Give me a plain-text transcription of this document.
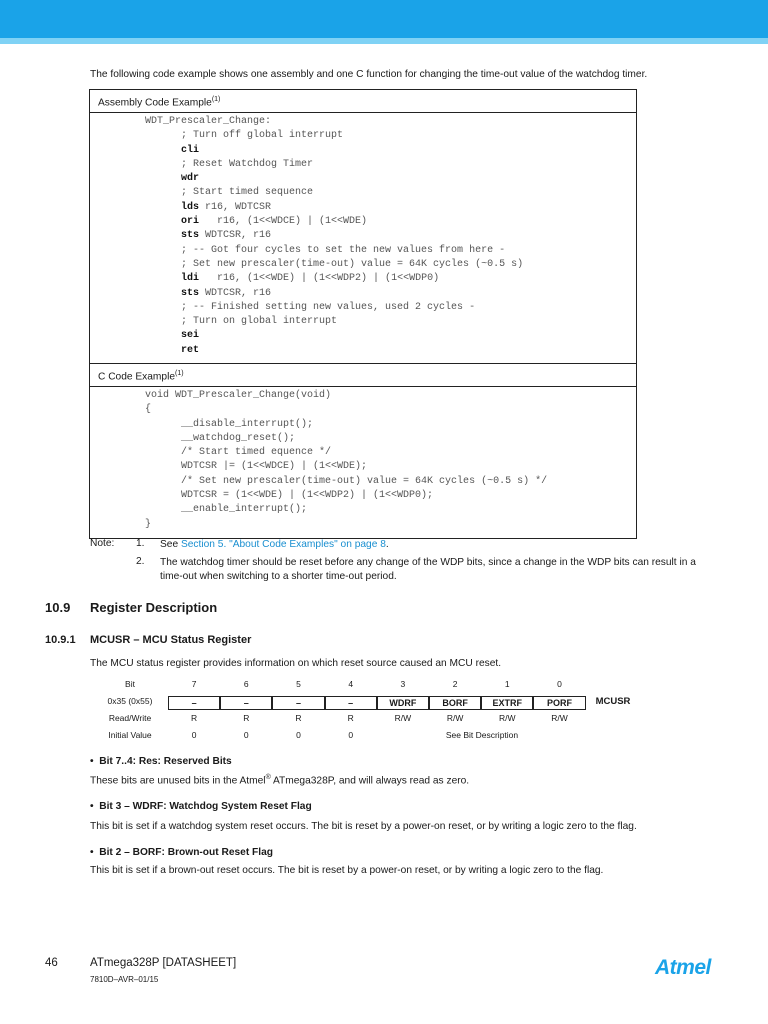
The following code example shows one assembly and one C function for changing the time-out value of the watchdog timer.
Assembly Code Example$^{(1)}$
WDT_Prescaler_Change:
; Turn off global interrupt
cli
; Reset Watchdog Timer
wdr
; Start timed sequence
lds r16, WDTCSR
ori   r16, (1<<WDCE) | (1<<WDE)
sts WDTCSR, r16
; -- Got four cycles to set the new values from here -
; Set new prescaler(time-out) value = 64K cycles (~0.5 s)
ldi   r16, (1<<WDE) | (1<<WDP2) | (1<<WDP0)
sts WDTCSR, r16
; -- Finished setting new values, used 2 cycles -
; Turn on global interrupt
sei
ret
C Code Example$^{(1)}$
void WDT_Prescaler_Change(void)
{
__disable_interrupt();
__watchdog_reset();
/* Start timed equence */
WDTCSR |= (1<<WDCE) | (1<<WDE);
/* Set new prescaler(time-out) value = 64K cycles (~0.5 s) */
WDTCSR = (1<<WDE) | (1<<WDP2) | (1<<WDP0);
__enable_interrupt();
}
Note: 1. See Section 5. "About Code Examples" on page 8.
2. The watchdog timer should be reset before any change of the WDP bits, since a change in the WDP bits can result in a time-out when switching to a shorter time-out period.
10.9 Register Description
10.9.1 MCUSR – MCU Status Register
The MCU status register provides information on which reset source caused an MCU reset.
Bit
0x35 (0x55)
Read/Write
Initial Value
7
–
R
0
6
–
R
0
5
–
R
0
4
–
R
0
3
WDRF
R/W
2
BORF
R/W
1
EXTRF
R/W
0
PORF
R/W
See Bit Description
MCUSR
•  Bit 7..4: Res: Reserved Bits
These bits are unused bits in the Atmel® ATmega328P, and will always read as zero.
•  Bit 3 – WDRF: Watchdog System Reset Flag
This bit is set if a watchdog system reset occurs. The bit is reset by a power-on reset, or by writing a logic zero to the flag.
•  Bit 2 – BORF: Brown-out Reset Flag
This bit is set if a brown-out reset occurs. The bit is reset by a power-on reset, or by writing a logic zero to the flag.
46	ATmega328P [DATASHEET]
7810D–AVR–01/15
Atmel
